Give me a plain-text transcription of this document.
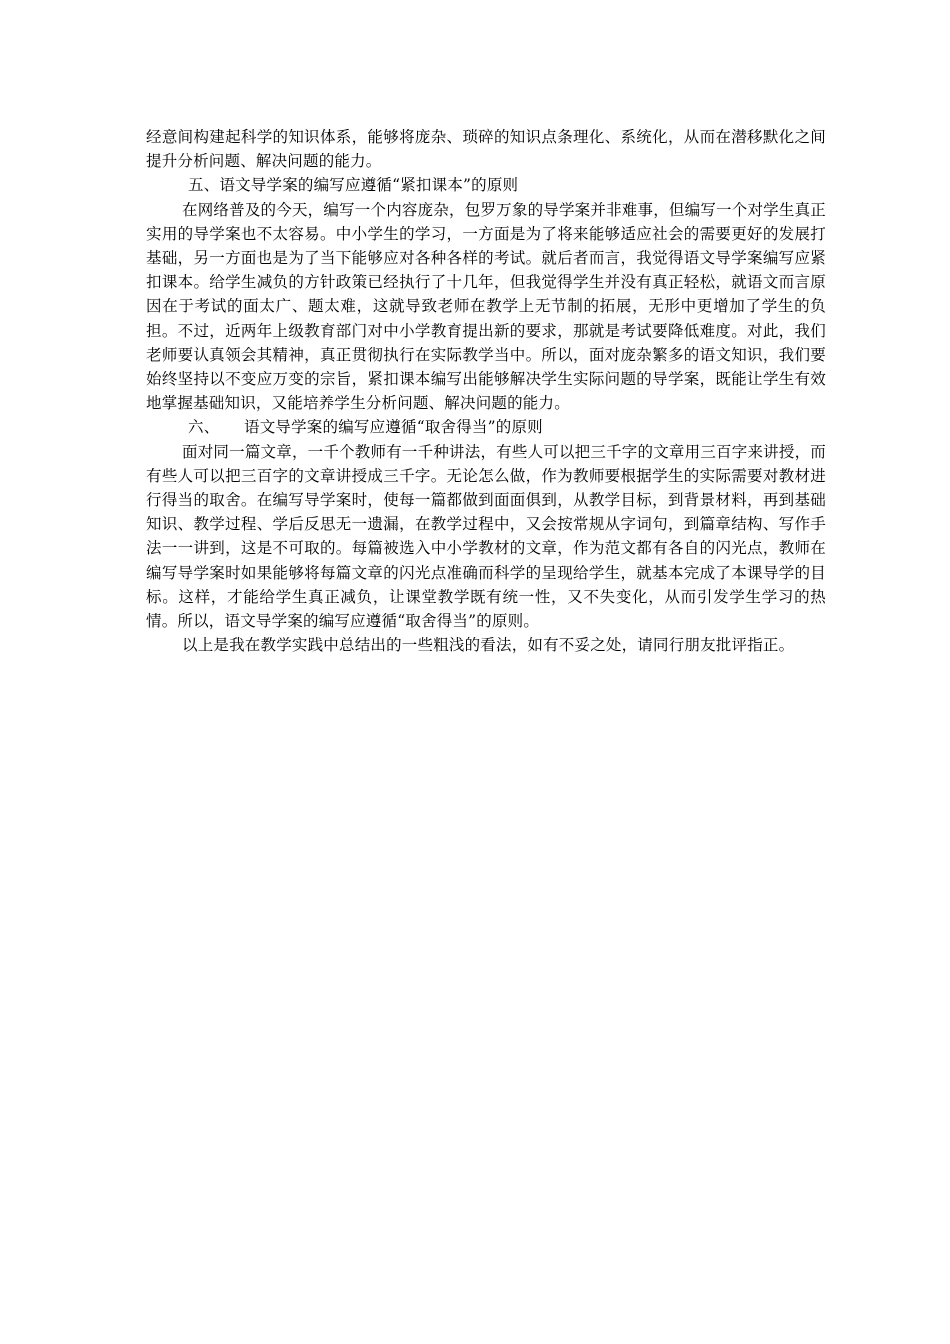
经意间构建起科学的知识体系，能够将庞杂、琐碎的知识点条理化、系统化，从而在潜移默化之间提升分析问题、解决问题的能力。

五、语文导学案的编写应遵循“紧扣课本”的原则

在网络普及的今天，编写一个内容庞杂，包罗万象的导学案并非难事，但编写一个对学生真正实用的导学案也不太容易。中小学生的学习，一方面是为了将来能够适应社会的需要更好的发展打基础，另一方面也是为了当下能够应对各种各样的考试。就后者而言，我觉得语文导学案编写应紧扣课本。给学生减负的方针政策已经执行了十几年，但我觉得学生并没有真正轻松，就语文而言原因在于考试的面太广、题太难，这就导致老师在教学上无节制的拓展，无形中更增加了学生的负担。不过，近两年上级教育部门对中小学教育提出新的要求，那就是考试要降低难度。对此，我们老师要认真领会其精神，真正贯彻执行在实际教学当中。所以，面对庞杂繁多的语文知识，我们要始终坚持以不变应万变的宗旨，紧扣课本编写出能够解决学生实际问题的导学案，既能让学生有效地掌握基础知识，又能培养学生分析问题、解决问题的能力。

六、 语文导学案的编写应遵循“取舍得当”的原则

面对同一篇文章，一千个教师有一千种讲法，有些人可以把三千字的文章用三百字来讲授，而有些人可以把三百字的文章讲授成三千字。无论怎么做，作为教师要根据学生的实际需要对教材进行得当的取舍。在编写导学案时，使每一篇都做到面面俱到，从教学目标，到背景材料，再到基础知识、教学过程、学后反思无一遗漏，在教学过程中，又会按常规从字词句，到篇章结构、写作手法一一讲到，这是不可取的。每篇被选入中小学教材的文章，作为范文都有各自的闪光点，教师在编写导学案时如果能够将每篇文章的闪光点准确而科学的呈现给学生，就基本完成了本课导学的目标。这样，才能给学生真正减负，让课堂教学既有统一性，又不失变化，从而引发学生学习的热情。所以，语文导学案的编写应遵循“取舍得当”的原则。

以上是我在教学实践中总结出的一些粗浅的看法，如有不妥之处，请同行朋友批评指正。
